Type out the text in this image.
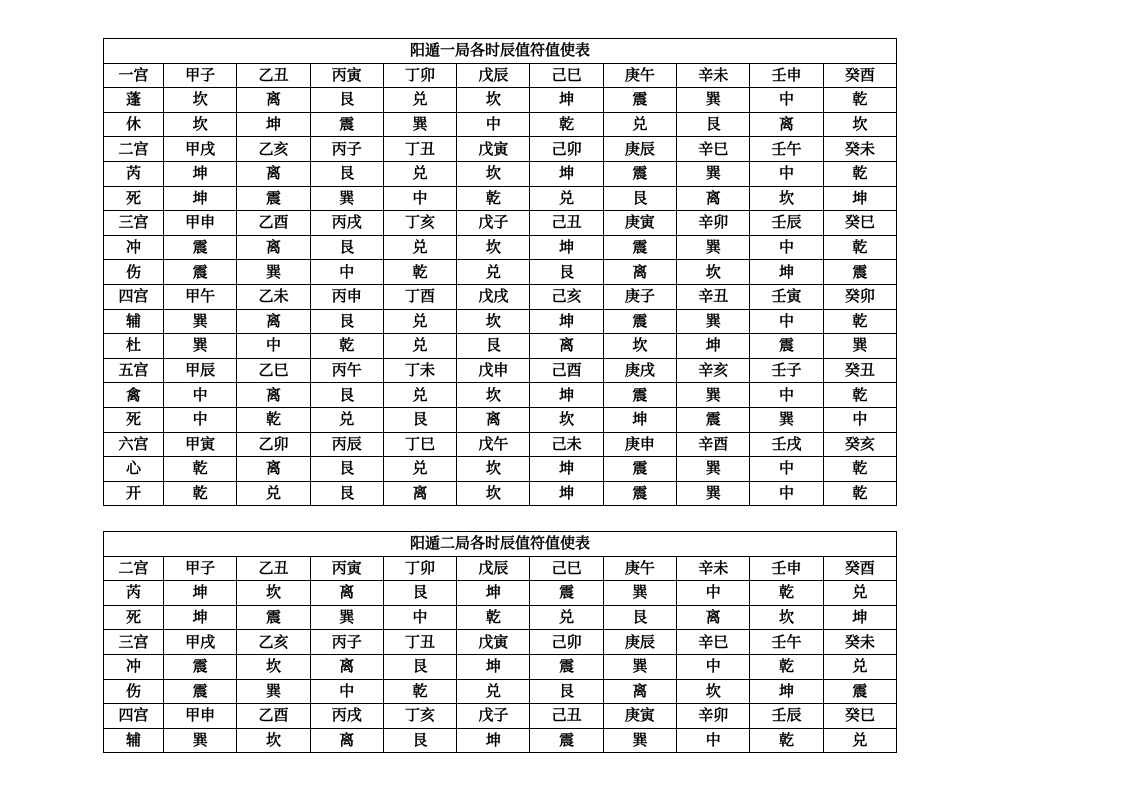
阳遁一局各时辰值符值使表										
一宫	甲子	乙丑	丙寅	丁卯	戊辰	己巳	庚午	辛未	壬申	癸酉
蓬	坎	离	艮	兑	坎	坤	震	巽	中	乾
休	坎	坤	震	巽	中	乾	兑	艮	离	坎
二宫	甲戌	乙亥	丙子	丁丑	戊寅	己卯	庚辰	辛巳	壬午	癸未
芮	坤	离	艮	兑	坎	坤	震	巽	中	乾
死	坤	震	巽	中	乾	兑	艮	离	坎	坤
三宫	甲申	乙酉	丙戌	丁亥	戊子	己丑	庚寅	辛卯	壬辰	癸巳
冲	震	离	艮	兑	坎	坤	震	巽	中	乾
伤	震	巽	中	乾	兑	艮	离	坎	坤	震
四宫	甲午	乙未	丙申	丁酉	戊戌	己亥	庚子	辛丑	壬寅	癸卯
辅	巽	离	艮	兑	坎	坤	震	巽	中	乾
杜	巽	中	乾	兑	艮	离	坎	坤	震	巽
五宫	甲辰	乙巳	丙午	丁未	戊申	己酉	庚戌	辛亥	壬子	癸丑
禽	中	离	艮	兑	坎	坤	震	巽	中	乾
死	中	乾	兑	艮	离	坎	坤	震	巽	中
六宫	甲寅	乙卯	丙辰	丁巳	戊午	己未	庚申	辛酉	壬戌	癸亥
心	乾	离	艮	兑	坎	坤	震	巽	中	乾
开	乾	兑	艮	离	坎	坤	震	巽	中	乾
阳遁二局各时辰值符值使表										
二宫	甲子	乙丑	丙寅	丁卯	戊辰	己巳	庚午	辛未	壬申	癸酉
芮	坤	坎	离	艮	坤	震	巽	中	乾	兑
死	坤	震	巽	中	乾	兑	艮	离	坎	坤
三宫	甲戌	乙亥	丙子	丁丑	戊寅	己卯	庚辰	辛巳	壬午	癸未
冲	震	坎	离	艮	坤	震	巽	中	乾	兑
伤	震	巽	中	乾	兑	艮	离	坎	坤	震
四宫	甲申	乙酉	丙戌	丁亥	戊子	己丑	庚寅	辛卯	壬辰	癸巳
辅	巽	坎	离	艮	坤	震	巽	中	乾	兑
